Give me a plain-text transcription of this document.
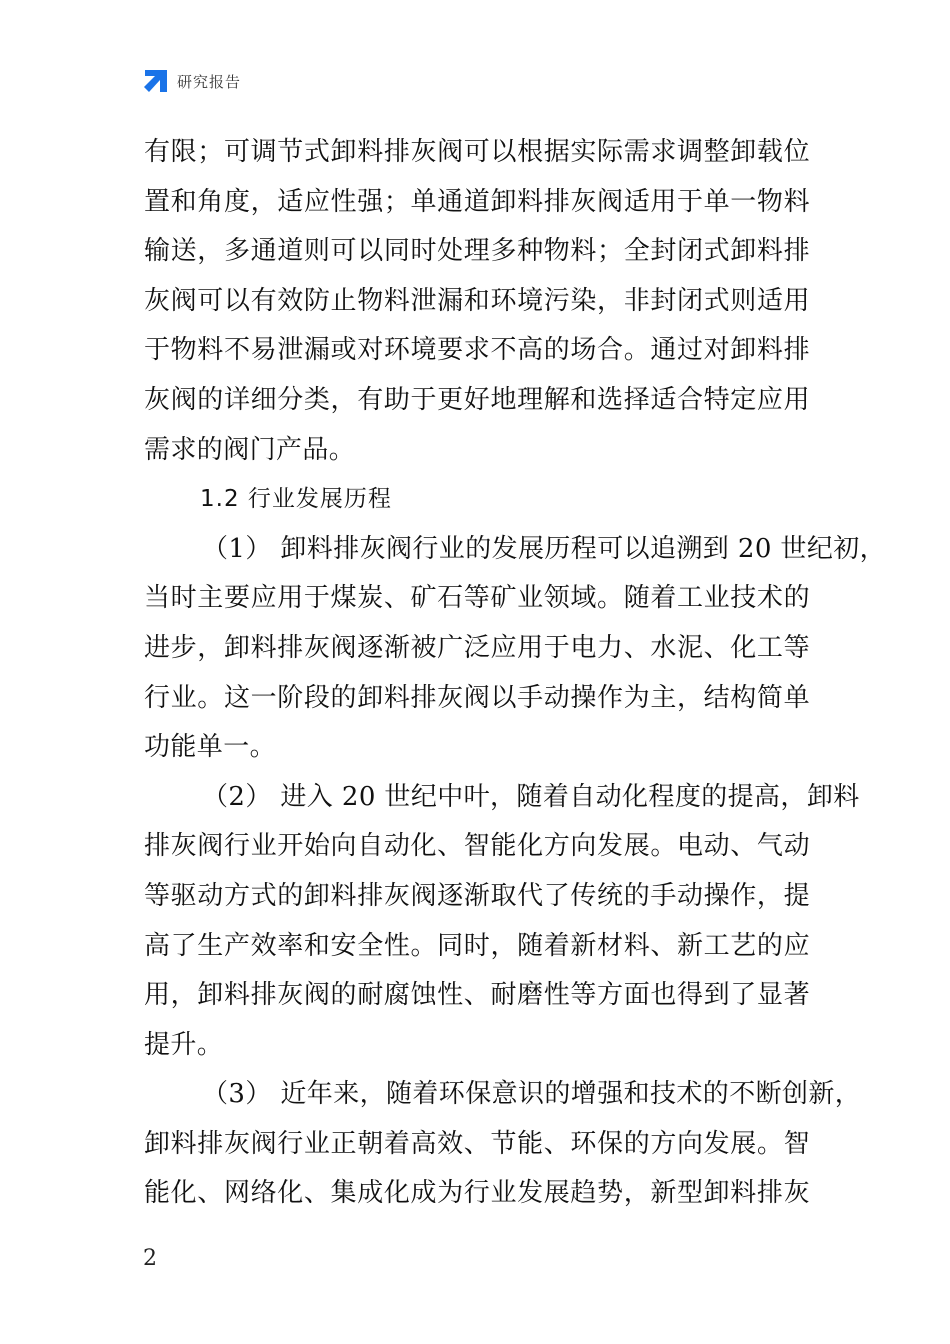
研究报告
有限；可调节式卸料排灰阀可以根据实际需求调整卸载位
置和角度，适应性强；单通道卸料排灰阀适用于单一物料
输送，多通道则可以同时处理多种物料；全封闭式卸料排
灰阀可以有效防止物料泄漏和环境污染，非封闭式则适用
于物料不易泄漏或对环境要求不高的场合。通过对卸料排
灰阀的详细分类，有助于更好地理解和选择适合特定应用
需求的阀门产品。
1.2 行业发展历程
（1） 卸料排灰阀行业的发展历程可以追溯到 20 世纪初，
当时主要应用于煤炭、矿石等矿业领域。随着工业技术的
进步，卸料排灰阀逐渐被广泛应用于电力、水泥、化工等
行业。这一阶段的卸料排灰阀以手动操作为主，结构简单
功能单一。
（2） 进入 20 世纪中叶，随着自动化程度的提高，卸料
排灰阀行业开始向自动化、智能化方向发展。电动、气动
等驱动方式的卸料排灰阀逐渐取代了传统的手动操作，提
高了生产效率和安全性。同时，随着新材料、新工艺的应
用，卸料排灰阀的耐腐蚀性、耐磨性等方面也得到了显著
提升。
（3） 近年来，随着环保意识的增强和技术的不断创新，
卸料排灰阀行业正朝着高效、节能、环保的方向发展。智
能化、网络化、集成化成为行业发展趋势，新型卸料排灰
2
